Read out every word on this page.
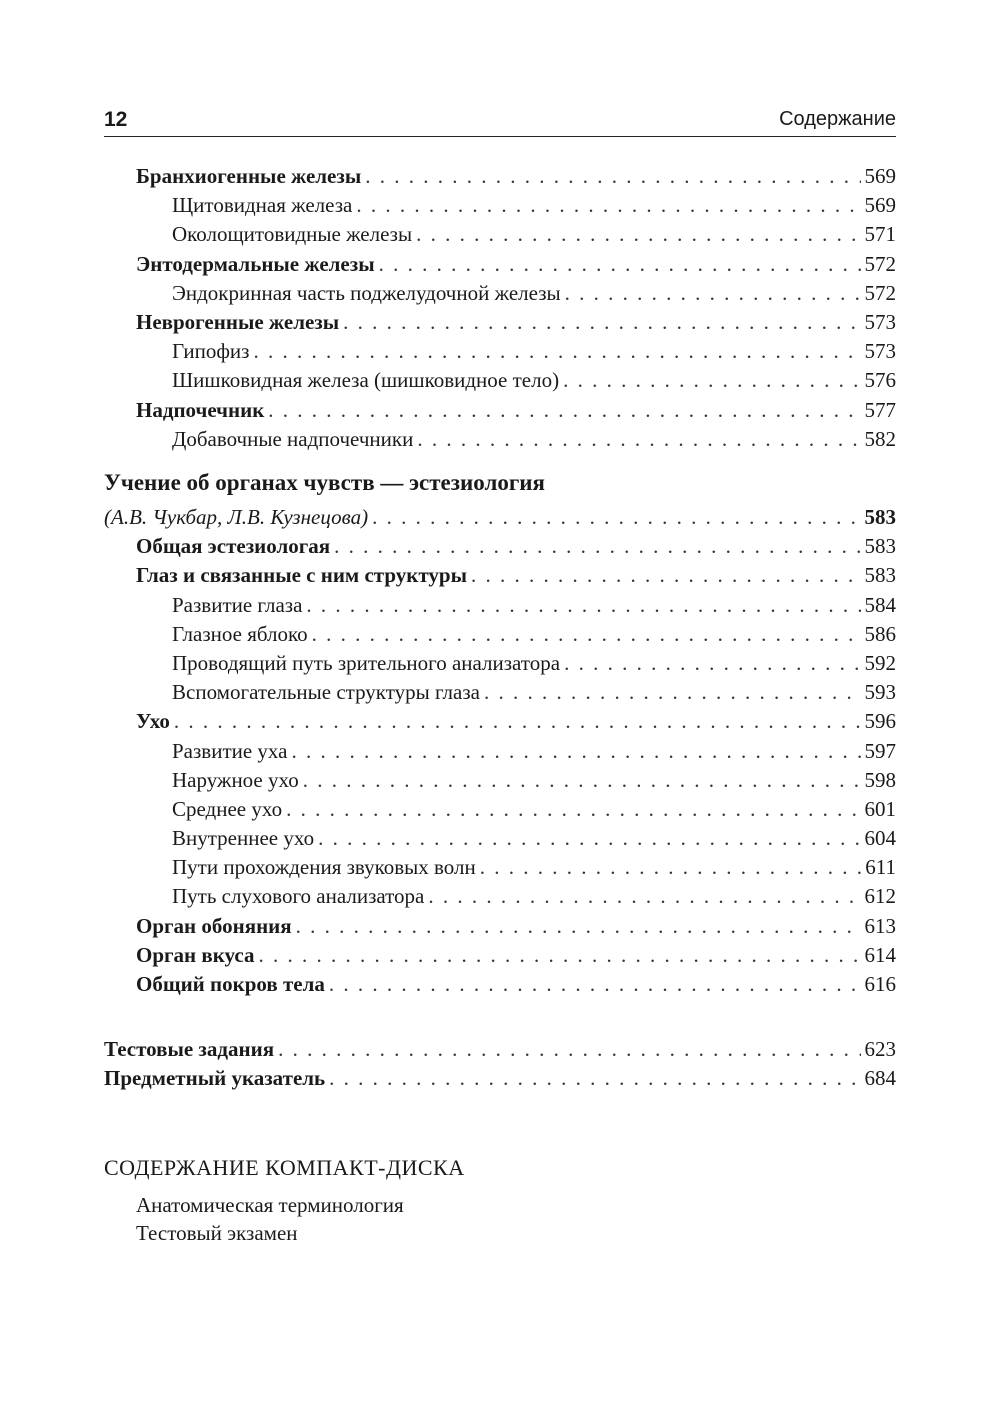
12	Содержание
Бранхиогенные железы . . .	569
Щитовидная железа . . .	569
Околощитовидные железы . . .	571
Энтодермальные железы . . .	572
Эндокринная часть поджелудочной железы . . .	572
Неврогенные железы . . .	573
Гипофиз . . .	573
Шишковидная железа (шишковидное тело) . . .	576
Надпочечник . . .	577
Добавочные надпочечники . . .	582
Учение об органах чувств — эстезиология
(А.В. Чукбар, Л.В. Кузнецова) . . .	583
Общая эстезиологая . . .	583
Глаз и связанные с ним структуры . . .	583
Развитие глаза . . .	584
Глазное яблоко . . .	586
Проводящий путь зрительного анализатора . . .	592
Вспомогательные структуры глаза . . .	593
Ухо . . .	596
Развитие уха . . .	597
Наружное ухо . . .	598
Среднее ухо . . .	601
Внутреннее ухо . . .	604
Пути прохождения звуковых волн . . .	611
Путь слухового анализатора . . .	612
Орган обоняния . . .	613
Орган вкуса . . .	614
Общий покров тела . . .	616
Тестовые задания . . .	623
Предметный указатель . . .	684
СОДЕРЖАНИЕ КОМПАКТ-ДИСКА
Анатомическая терминология
Тестовый экзамен
